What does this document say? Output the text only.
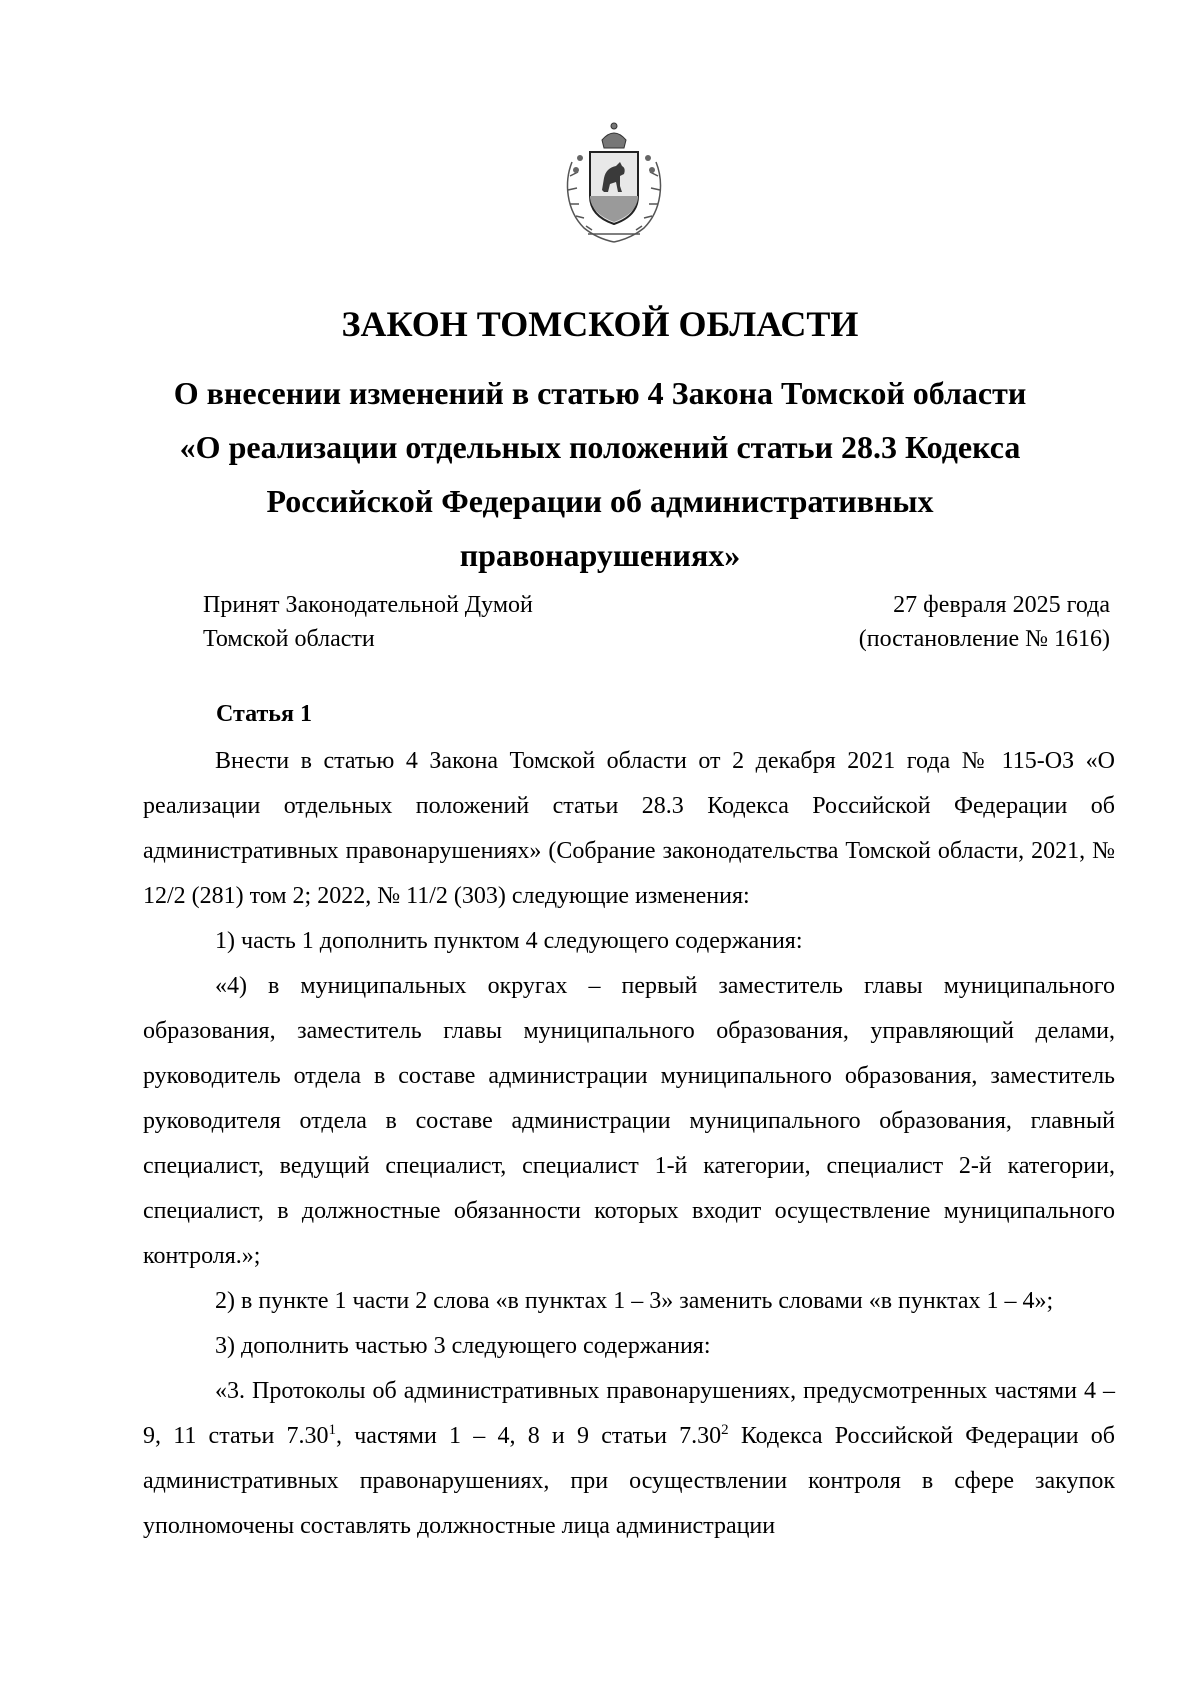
ЗАКОН ТОМСКОЙ ОБЛАСТИ
О внесении изменений в статью 4 Закона Томской области
«О реализации отдельных положений статьи 28.3 Кодекса
Российской Федерации об административных
правонарушениях»
Принят Законодательной Думой
Томской области
27 февраля 2025 года
(постановление № 1616)
Статья 1

Внести в статью 4 Закона Томской области от 2 декабря 2021 года № 115-ОЗ «О реализации отдельных положений статьи 28.3 Кодекса Российской Федерации об административных правонарушениях» (Собрание законодательства Томской области, 2021, № 12/2 (281) том 2; 2022, № 11/2 (303) следующие изменения:

1) часть 1 дополнить пунктом 4 следующего содержания:

«4) в муниципальных округах – первый заместитель главы муниципального образования, заместитель главы муниципального образования, управляющий делами, руководитель отдела в составе администрации муниципального образования, заместитель руководителя отдела в составе администрации муниципального образования, главный специалист, ведущий специалист, специалист 1-й категории, специалист 2-й категории, специалист, в должностные обязанности которых входит осуществление муниципального контроля.»;

2) в пункте 1 части 2 слова «в пунктах 1 – 3» заменить словами «в пунктах 1 – 4»;

3) дополнить частью 3 следующего содержания:

«3. Протоколы об административных правонарушениях, предусмотренных частями 4 – 9, 11 статьи 7.30$^1$, частями 1 – 4, 8 и 9 статьи 7.30$^2$ Кодекса Российской Федерации об административных правонарушениях, при осуществлении контроля в сфере закупок уполномочены составлять должностные лица администрации
